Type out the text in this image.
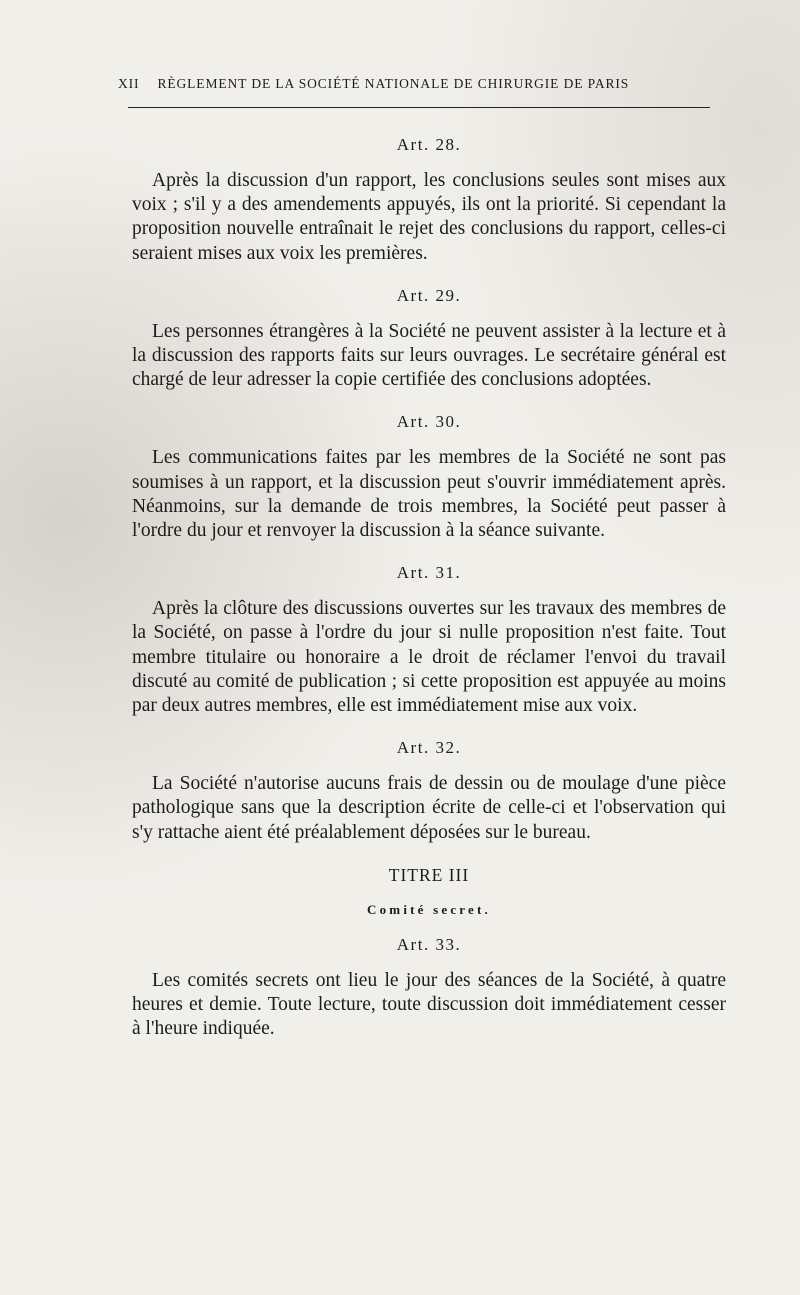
XII RÈGLEMENT DE LA SOCIÉTÉ NATIONALE DE CHIRURGIE DE PARIS
Art. 28.

Après la discussion d'un rapport, les conclusions seules sont mises aux voix ; s'il y a des amendements appuyés, ils ont la priorité. Si cependant la proposition nouvelle entraînait le rejet des conclusions du rapport, celles-ci seraient mises aux voix les premières.

Art. 29.

Les personnes étrangères à la Société ne peuvent assister à la lecture et à la discussion des rapports faits sur leurs ouvrages. Le secrétaire général est chargé de leur adresser la copie certifiée des conclusions adoptées.

Art. 30.

Les communications faites par les membres de la Société ne sont pas soumises à un rapport, et la discussion peut s'ouvrir immédiatement après. Néanmoins, sur la demande de trois membres, la Société peut passer à l'ordre du jour et renvoyer la discussion à la séance suivante.

Art. 31.

Après la clôture des discussions ouvertes sur les travaux des membres de la Société, on passe à l'ordre du jour si nulle proposition n'est faite. Tout membre titulaire ou honoraire a le droit de réclamer l'envoi du travail discuté au comité de publication ; si cette proposition est appuyée au moins par deux autres membres, elle est immédiatement mise aux voix.

Art. 32.

La Société n'autorise aucuns frais de dessin ou de moulage d'une pièce pathologique sans que la description écrite de celle-ci et l'observation qui s'y rattache aient été préalablement déposées sur le bureau.

TITRE III
Comité secret.
Art. 33.

Les comités secrets ont lieu le jour des séances de la Société, à quatre heures et demie. Toute lecture, toute discussion doit immédiatement cesser à l'heure indiquée.
